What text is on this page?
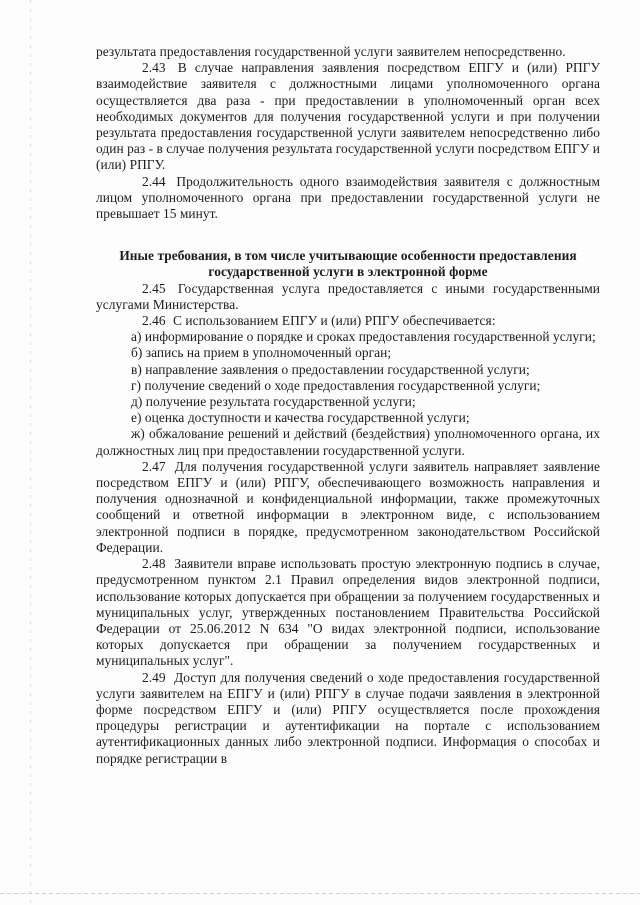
результата предоставления государственной услуги заявителем непосредственно.

2.43 В случае направления заявления посредством ЕПГУ и (или) РПГУ взаимодействие заявителя с должностными лицами уполномоченного органа осуществляется два раза - при предоставлении в уполномоченный орган всех необходимых документов для получения государственной услуги и при получении результата предоставления государственной услуги заявителем непосредственно либо один раз - в случае получения результата государственной услуги посредством ЕПГУ и (или) РПГУ.

2.44 Продолжительность одного взаимодействия заявителя с должностным лицом уполномоченного органа при предоставлении государственной услуги не превышает 15 минут.

Иные требования, в том числе учитывающие особенности предоставления государственной услуги в электронной форме

2.45 Государственная услуга предоставляется с иными государственными услугами Министерства.

2.46 С использованием ЕПГУ и (или) РПГУ обеспечивается:

а) информирование о порядке и сроках предоставления государственной услуги;

б) запись на прием в уполномоченный орган;

в) направление заявления о предоставлении государственной услуги;

г) получение сведений о ходе предоставления государственной услуги;

д) получение результата государственной услуги;

е) оценка доступности и качества государственной услуги;

ж) обжалование решений и действий (бездействия) уполномоченного органа, их должностных лиц при предоставлении государственной услуги.

2.47 Для получения государственной услуги заявитель направляет заявление посредством ЕПГУ и (или) РПГУ, обеспечивающего возможность направления и получения однозначной и конфиденциальной информации, также промежуточных сообщений и ответной информации в электронном виде, с использованием электронной подписи в порядке, предусмотренном законодательством Российской Федерации.

2.48 Заявители вправе использовать простую электронную подпись в случае, предусмотренном пунктом 2.1 Правил определения видов электронной подписи, использование которых допускается при обращении за получением государственных и муниципальных услуг, утвержденных постановлением Правительства Российской Федерации от 25.06.2012 N 634 "О видах электронной подписи, использование которых допускается при обращении за получением государственных и муниципальных услуг".

2.49 Доступ для получения сведений о ходе предоставления государственной услуги заявителем на ЕПГУ и (или) РПГУ в случае подачи заявления в электронной форме посредством ЕПГУ и (или) РПГУ осуществляется после прохождения процедуры регистрации и аутентификации на портале с использованием аутентификационных данных либо электронной подписи. Информация о способах и порядке регистрации в
